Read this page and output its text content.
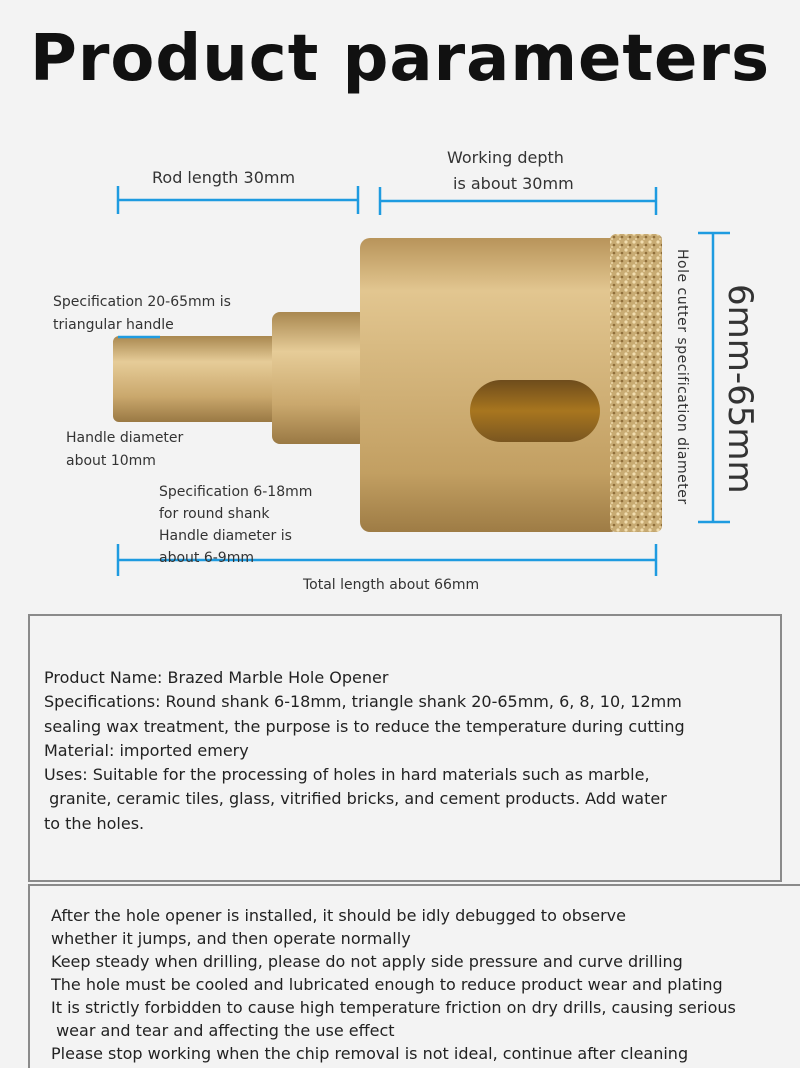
Product parameters
Rod length 30mm
Working depth
is about 30mm
Specification 20-65mm is
triangular handle
Handle diameter
about 10mm
Specification 6-18mm
for round shank
Handle diameter is
about 6-9mm
Total length about 66mm
Hole cutter specification diameter 6mm-65mm
Product Name: Brazed Marble Hole Opener
Specifications: Round shank 6-18mm, triangle shank 20-65mm, 6, 8, 10, 12mm
sealing wax treatment, the purpose is to reduce the temperature during cutting
Material: imported emery
Uses: Suitable for the processing of holes in hard materials such as marble,
granite, ceramic tiles, glass, vitrified bricks, and cement products. Add water
to the holes.
After the hole opener is installed, it should be idly debugged to observe
whether it jumps, and then operate normally
Keep steady when drilling, please do not apply side pressure and curve drilling
The hole must be cooled and lubricated enough to reduce product wear and plating
It is strictly forbidden to cause high temperature friction on dry drills, causing serious
wear and tear and affecting the use effect
Please stop working when the chip removal is not ideal, continue after cleaning
